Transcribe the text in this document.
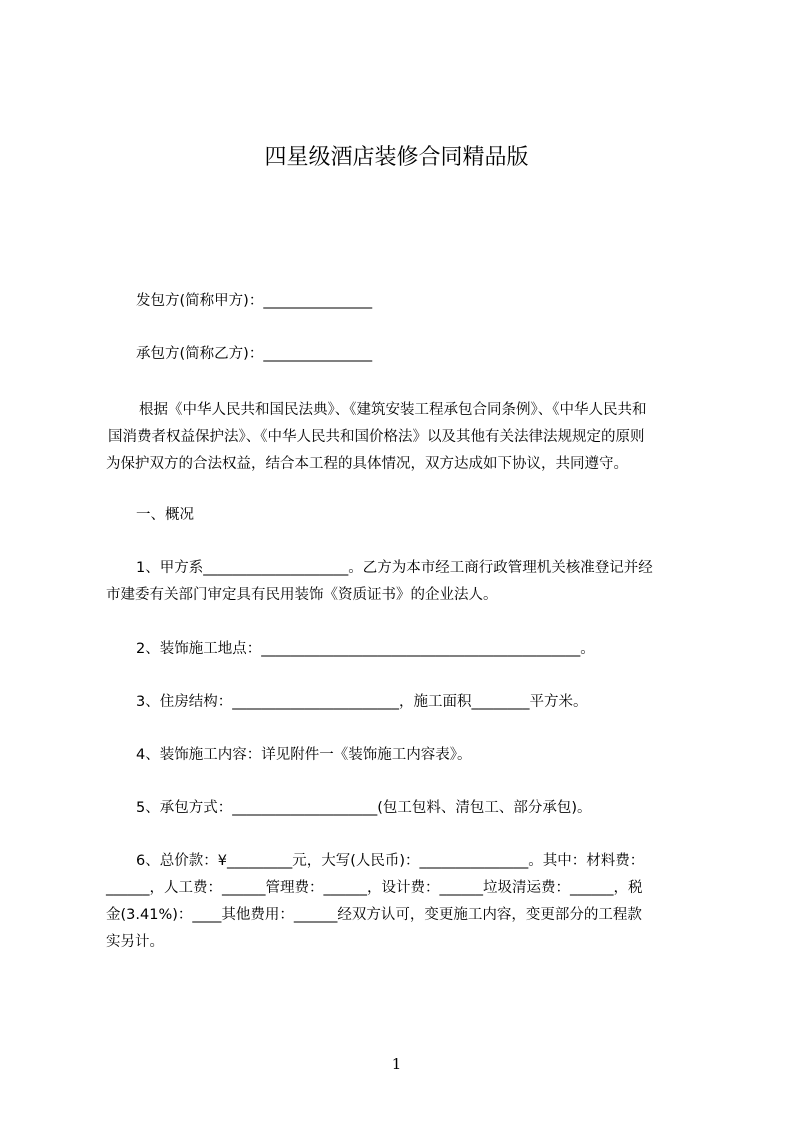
四星级酒店装修合同精品版
发包方(简称甲方)：_______________
承包方(简称乙方)：_______________
根据《中华人民共和国民法典》、《建筑安装工程承包合同条例》、《中华人民共和
国消费者权益保护法》、《中华人民共和国价格法》以及其他有关法律法规规定的原则
为保护双方的合法权益，结合本工程的具体情况，双方达成如下协议，共同遵守。
一、概况
1、甲方系____________________。乙方为本市经工商行政管理机关核准登记并经
市建委有关部门审定具有民用装饰《资质证书》的企业法人。
2、装饰施工地点：____________________________________________。
3、住房结构：_______________________，施工面积________平方米。
4、装饰施工内容：详见附件一《装饰施工内容表》。
5、承包方式：____________________(包工包料、清包工、部分承包)。
6、总价款：¥_________元，大写(人民币)：_______________。其中：材料费：
______，人工费：______管理费：______，设计费：______垃圾清运费：______，税
金(3.41%)：____其他费用：______经双方认可，变更施工内容，变更部分的工程款
实另计。
1
